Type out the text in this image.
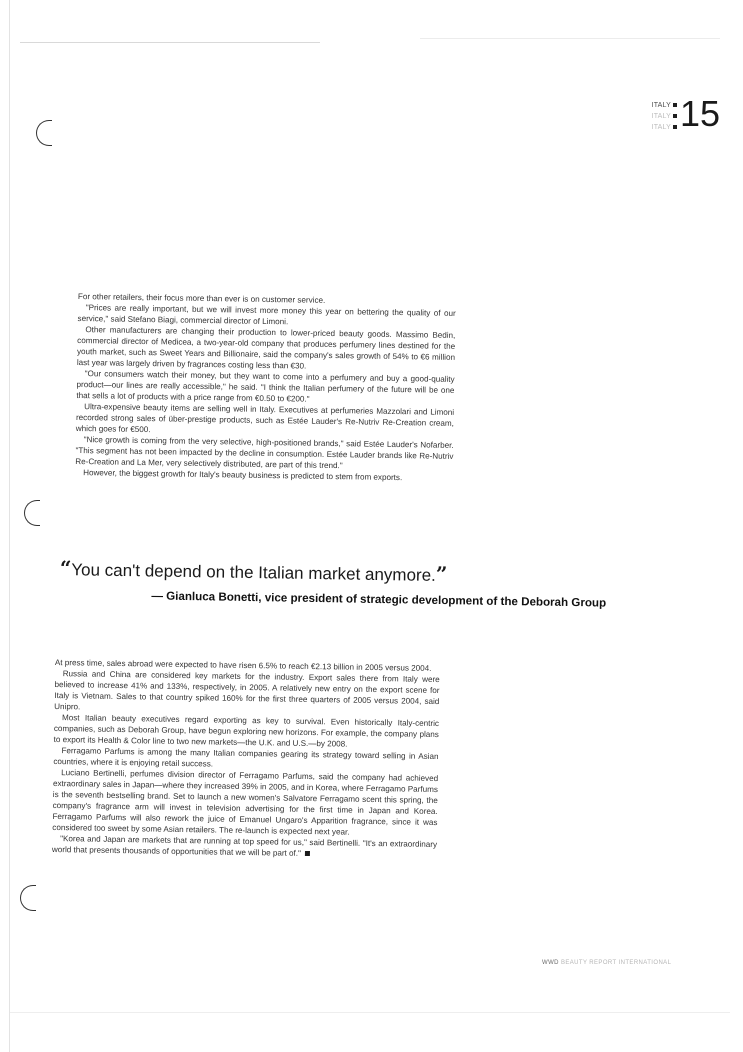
ITALY
ITALY
ITALY 15

For other retailers, their focus more than ever is on customer service.

"Prices are really important, but we will invest more money this year on bettering the quality of our service," said Stefano Biagi, commercial director of Limoni.

Other manufacturers are changing their production to lower-priced beauty goods. Massimo Bedin, commercial director of Medicea, a two-year-old company that produces perfumery lines destined for the youth market, such as Sweet Years and Billionaire, said the company's sales growth of 54% to €6 million last year was largely driven by fragrances costing less than €30.

"Our consumers watch their money, but they want to come into a perfumery and buy a good-quality product—our lines are really accessible," he said. "I think the Italian perfumery of the future will be one that sells a lot of products with a price range from €0.50 to €200."

Ultra-expensive beauty items are selling well in Italy. Executives at perfumeries Mazzolari and Limoni recorded strong sales of über-prestige products, such as Estée Lauder's Re-Nutriv Re-Creation cream, which goes for €500.

"Nice growth is coming from the very selective, high-positioned brands," said Estée Lauder's Nofarber. "This segment has not been impacted by the decline in consumption. Estée Lauder brands like Re-Nutriv Re-Creation and La Mer, very selectively distributed, are part of this trend."

However, the biggest growth for Italy's beauty business is predicted to stem from exports.

“You can't depend on the Italian market anymore.”
— Gianluca Bonetti, vice president of strategic development of the Deborah Group

At press time, sales abroad were expected to have risen 6.5% to reach €2.13 billion in 2005 versus 2004.

Russia and China are considered key markets for the industry. Export sales there from Italy were believed to increase 41% and 133%, respectively, in 2005. A relatively new entry on the export scene for Italy is Vietnam. Sales to that country spiked 160% for the first three quarters of 2005 versus 2004, said Unipro.

Most Italian beauty executives regard exporting as key to survival. Even historically Italy-centric companies, such as Deborah Group, have begun exploring new horizons. For example, the company plans to export its Health & Color line to two new markets—the U.K. and U.S.—by 2008.

Ferragamo Parfums is among the many Italian companies gearing its strategy toward selling in Asian countries, where it is enjoying retail success.

Luciano Bertinelli, perfumes division director of Ferragamo Parfums, said the company had achieved extraordinary sales in Japan—where they increased 39% in 2005, and in Korea, where Ferragamo Parfums is the seventh bestselling brand. Set to launch a new women's Salvatore Ferragamo scent this spring, the company's fragrance arm will invest in television advertising for the first time in Japan and Korea. Ferragamo Parfums will also rework the juice of Emanuel Ungaro's Apparition fragrance, since it was considered too sweet by some Asian retailers. The re-launch is expected next year.

"Korea and Japan are markets that are running at top speed for us," said Bertinelli. "It's an extraordinary world that presents thousands of opportunities that we will be part of."

WWD BEAUTY REPORT INTERNATIONAL
